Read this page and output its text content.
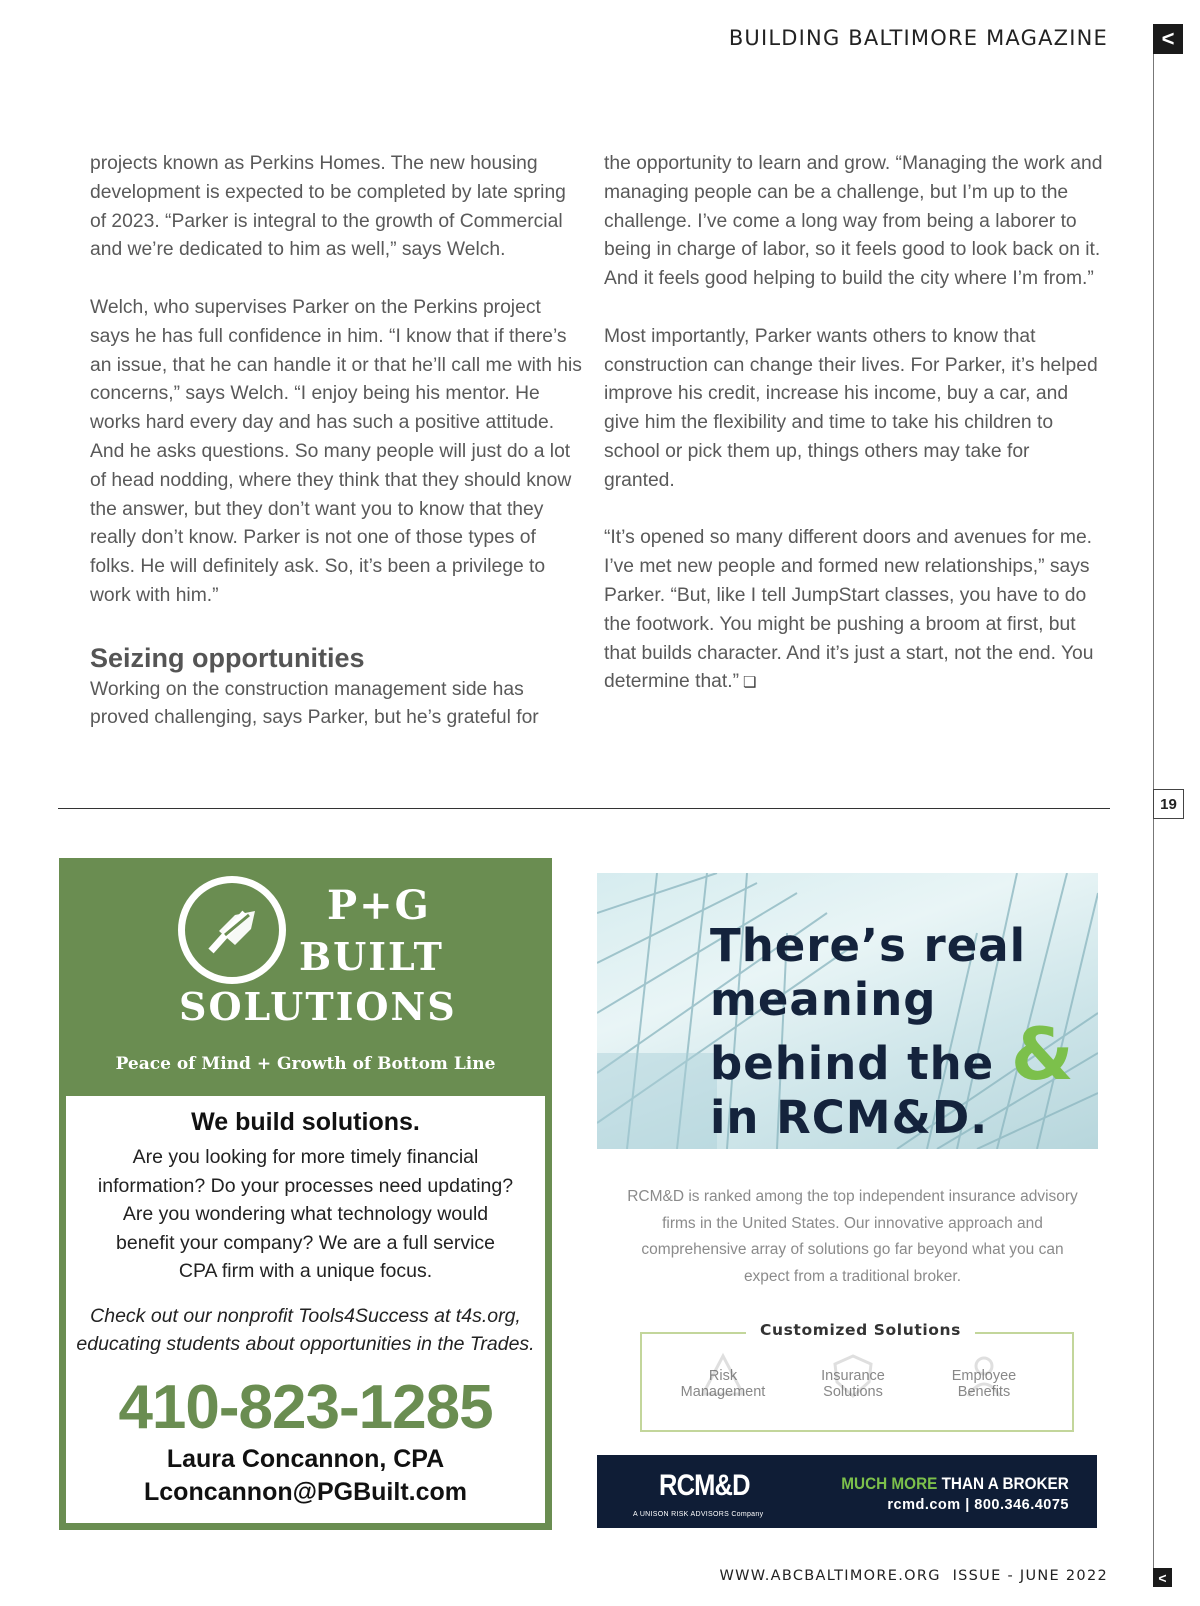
BUILDING BALTIMORE MAGAZINE	<
19

projects known as Perkins Homes. The new housing development is expected to be completed by late spring of 2023. “Parker is integral to the growth of Commercial and we’re dedicated to him as well,” says Welch.

Welch, who supervises Parker on the Perkins project says he has full confidence in him. “I know that if there’s an issue, that he can handle it or that he’ll call me with his concerns,” says Welch. “I enjoy being his mentor. He works hard every day and has such a positive attitude. And he asks questions. So many people will just do a lot of head nodding, where they think that they should know the answer, but they don’t want you to know that they really don’t know. Parker is not one of those types of folks. He will definitely ask. So, it’s been a privilege to work with him.”

Seizing opportunities

Working on the construction management side has proved challenging, says Parker, but he’s grateful for

the opportunity to learn and grow. “Managing the work and managing people can be a challenge, but I’m up to the challenge. I’ve come a long way from being a laborer to being in charge of labor, so it feels good to look back on it. And it feels good helping to build the city where I’m from.”

Most importantly, Parker wants others to know that construction can change their lives. For Parker, it’s helped improve his credit, increase his income, buy a car, and give him the flexibility and time to take his children to school or pick them up, things others may take for granted.

“It’s opened so many different doors and avenues for me. I’ve met new people and formed new relationships,” says Parker. “But, like I tell JumpStart classes, you have to do the footwork. You might be pushing a broom at first, but that builds character. And it’s just a start, not the end. You determine that.” ❏

P+G
BUILT
SOLUTIONS
Peace of Mind + Growth of Bottom Line
We build solutions.
Are you looking for more timely financial information? Do your processes need updating? Are you wondering what technology would benefit your company? We are a full service CPA firm with a unique focus.
Check out our nonprofit Tools4Success at t4s.org, educating students about opportunities in the Trades.
410-823-1285
Laura Concannon, CPA
Lconcannon@PGBuilt.com
There’s real
meaning
behind the &
in RCM&D.
RCM&D is ranked among the top independent insurance advisory firms in the United States. Our innovative approach and comprehensive array of solutions go far beyond what you can expect from a traditional broker.
Customized Solutions
Risk
Management
Insurance
Solutions
Employee
Benefits
RCM&D
A UNISON RISK ADVISORS Company
MUCH MORE THAN A BROKER
rcmd.com | 800.346.4075
WWW.ABCBALTIMORE.ORG  ISSUE - JUNE 2022	<
